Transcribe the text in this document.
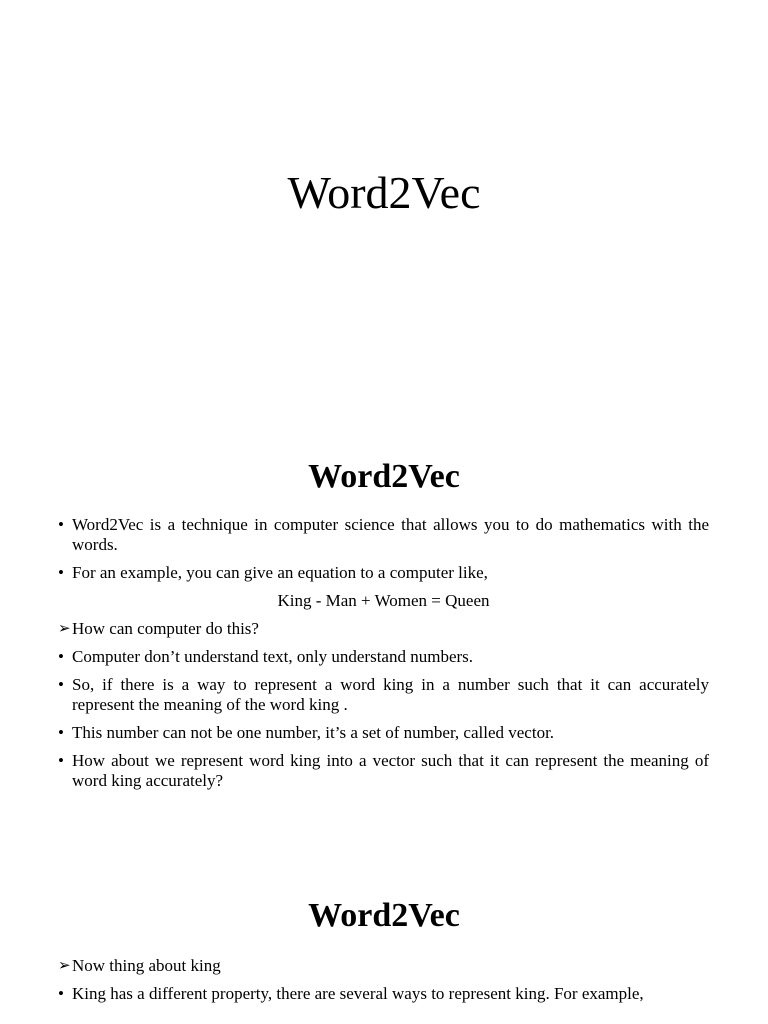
Word2Vec
Word2Vec
• Word2Vec is a technique in computer science that allows you to do mathematics with the words.
• For an example, you can give an equation to a computer like,
King - Man + Women = Queen
➢ How can computer do this?
• Computer don’t understand text, only understand numbers.
• So, if there is a way to represent a word king in a number such that it can accurately represent the meaning of the word king .
• This number can not be one number, it’s a set of number, called vector.
• How about we represent word king into a vector such that it can represent the meaning of word king accurately?
Word2Vec
➢ Now thing about king
• King has a different property, there are several ways to represent king. For example,
